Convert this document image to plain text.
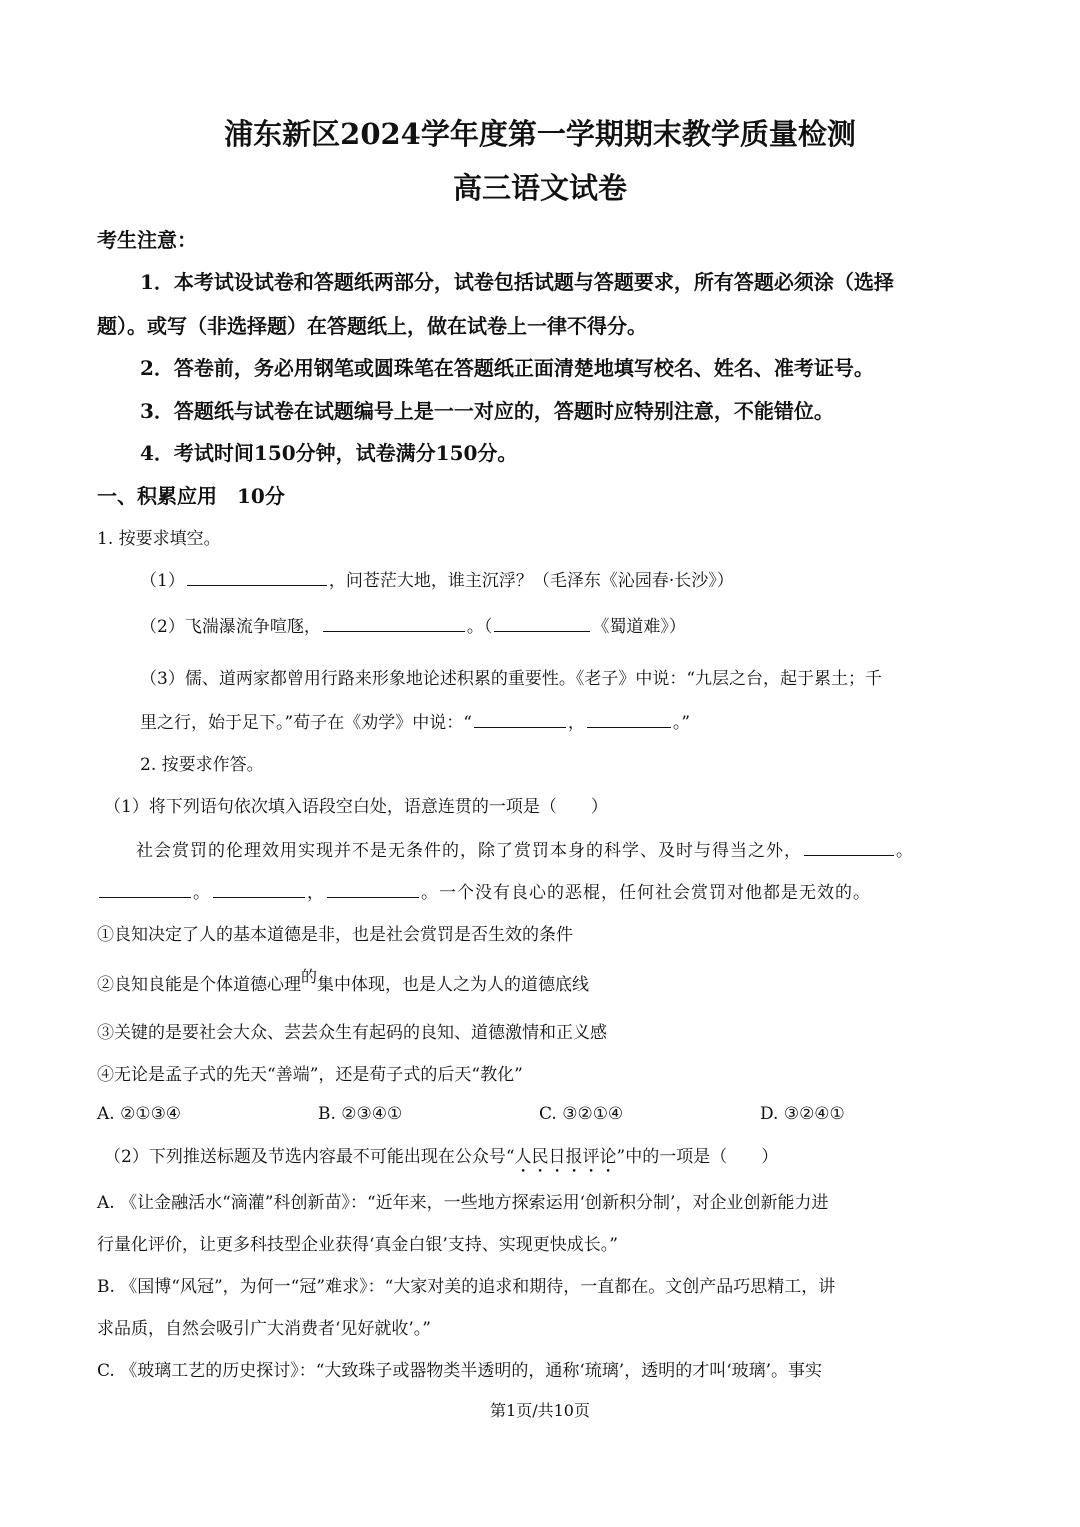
浦东新区2024学年度第一学期期末教学质量检测
高三语文试卷
考生注意：
1．本考试设试卷和答题纸两部分，试卷包括试题与答题要求，所有答题必须涂（选择
题）。或写（非选择题）在答题纸上，做在试卷上一律不得分。
2．答卷前，务必用钢笔或圆珠笔在答题纸正面清楚地填写校名、姓名、准考证号。
3．答题纸与试卷在试题编号上是一一对应的，答题时应特别注意，不能错位。
4．考试时间150分钟，试卷满分150分。
一、积累应用　10分
1. 按要求填空。
（1）	，问苍茫大地，谁主沉浮？（毛泽东《沁园春·长沙》）
（2）飞湍瀑流争喧豗，	。（	《蜀道难》）
（3）儒、道两家都曾用行路来形象地论述积累的重要性。《老子》中说：“九层之台，起于累土；千
里之行，始于足下。”荀子在《劝学》中说：“	，	。”
2. 按要求作答。
（1）将下列语句依次填入语段空白处，语意连贯的一项是（　　）
社会赏罚的伦理效用实现并不是无条件的，除了赏罚本身的科学、及时与得当之外，	。
。	，	。一个没有良心的恶棍，任何社会赏罚对他都是无效的。
①良知决定了人的基本道德是非，也是社会赏罚是否生效的条件
②良知良能是个体道德心理的集中体现，也是人之为人的道德底线
③关键的是要社会大众、芸芸众生有起码的良知、道德激情和正义感
④无论是孟子式的先天“善端”，还是荀子式的后天“教化”
A. ②①③④	B. ②③④①	C. ③②①④	D. ③②④①
（2）下列推送标题及节选内容最不可能出现在公众号“人民日报评论”中的一项是（　　）
A. 《让金融活水“滴灌”科创新苗》：“近年来，一些地方探索运用‘创新积分制’，对企业创新能力进
行量化评价，让更多科技型企业获得‘真金白银’支持、实现更快成长。”
B. 《国博“风冠”，为何一“冠”难求》：“大家对美的追求和期待，一直都在。文创产品巧思精工，讲
求品质，自然会吸引广大消费者‘见好就收’。”
C. 《玻璃工艺的历史探讨》：“大致珠子或器物类半透明的，通称‘琉璃’，透明的才叫‘玻璃’。事实
第1页/共10页
